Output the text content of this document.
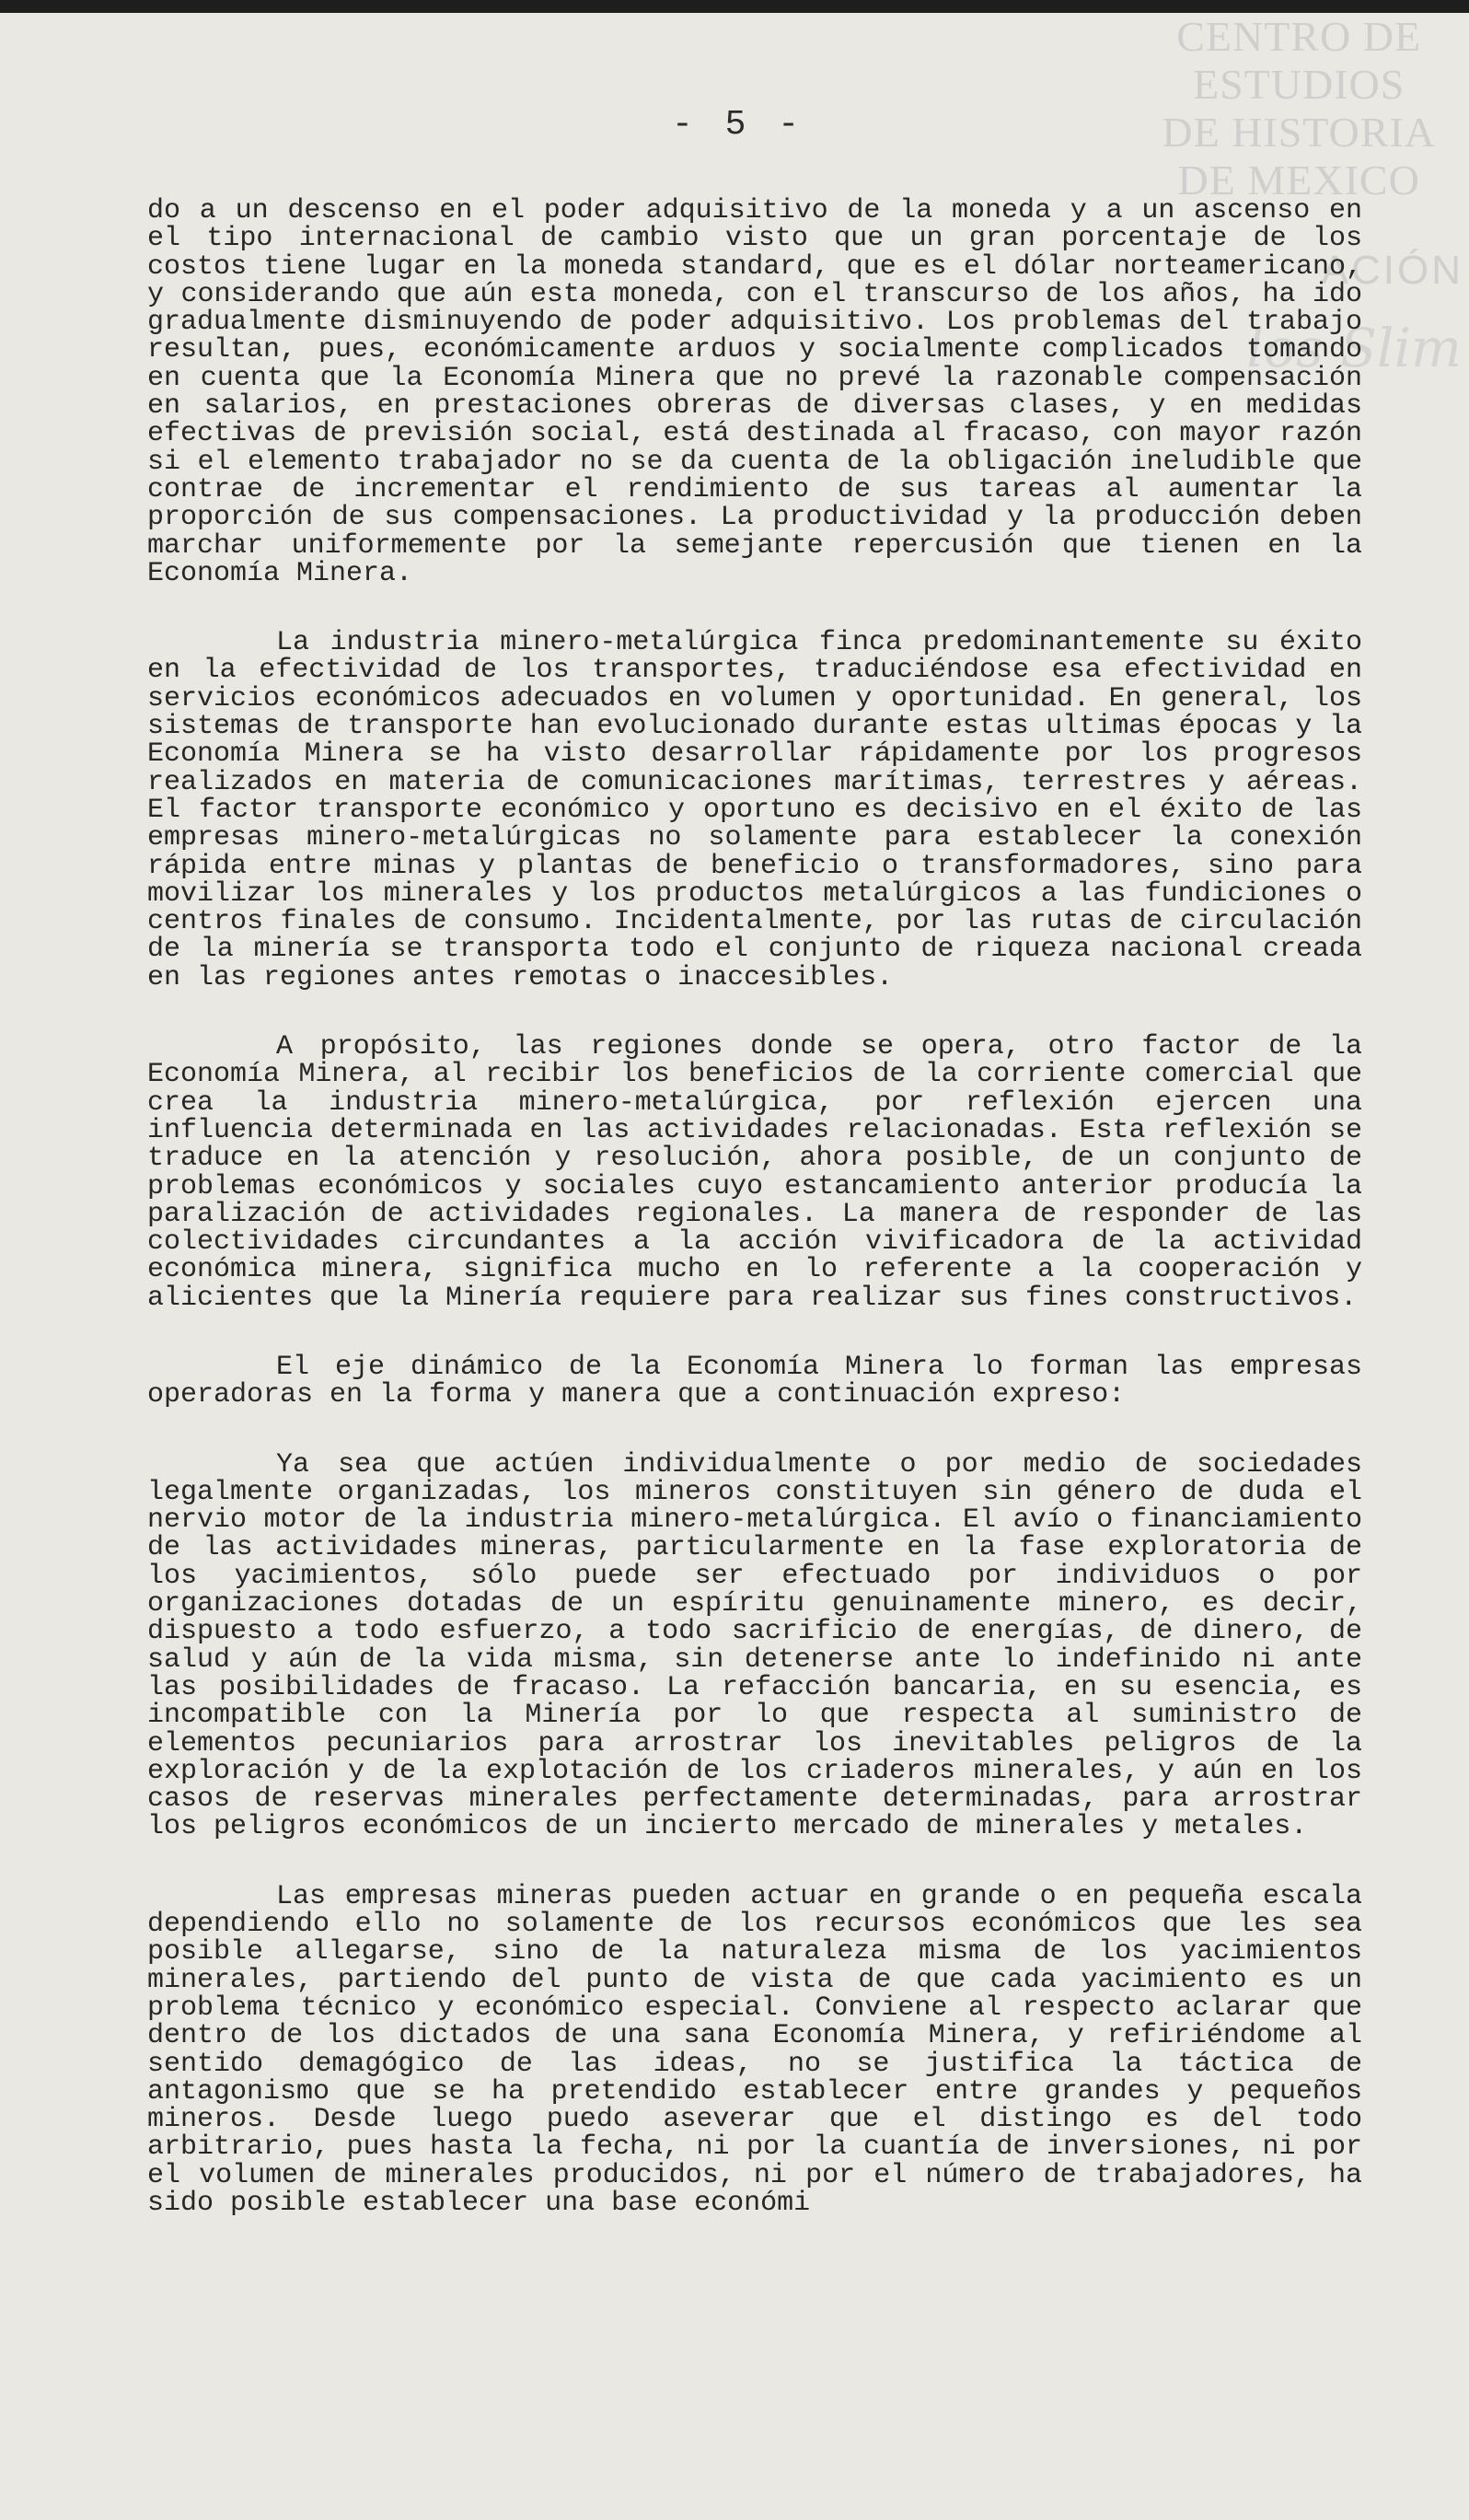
CENTRO DE
ESTUDIOS
DE HISTORIA
DE MEXICO
ACIÓN
los Slim
- 5 -

do a un descenso en el poder adquisitivo de la moneda y a un ascenso en el tipo internacional de cambio visto que un gran porcentaje de los costos tiene lugar en la moneda standard, que es el dólar norteamericano, y considerando que aún esta moneda, con el transcurso de los años, ha ido gradualmente disminuyendo de poder adquisitivo. Los problemas del trabajo resultan, pues, económicamente arduos y socialmente complicados tomando en cuenta que la Economía Minera que no prevé la razonable compensación en salarios, en prestaciones obreras de diversas clases, y en medidas efectivas de previsión social, está destinada al fracaso, con mayor razón si el elemento trabajador no se da cuenta de la obligación ineludible que contrae de incrementar el rendimiento de sus tareas al aumentar la proporción de sus compensaciones. La productividad y la producción deben marchar uniformemente por la semejante repercusión que tienen en la Economía Minera.

La industria minero-metalúrgica finca predominantemente su éxito en la efectividad de los transportes, traduciéndose esa efectividad en servicios económicos adecuados en volumen y oportunidad. En general, los sistemas de transporte han evolucionado durante estas ultimas épocas y la Economía Minera se ha visto desarrollar rápidamente por los progresos realizados en materia de comunicaciones marítimas, terrestres y aéreas. El factor transporte económico y oportuno es decisivo en el éxito de las empresas minero-metalúrgicas no solamente para establecer la conexión rápida entre minas y plantas de beneficio o transformadores, sino para movilizar los minerales y los productos metalúrgicos a las fundiciones o centros finales de consumo. Incidentalmente, por las rutas de circulación de la minería se transporta todo el conjunto de riqueza nacional creada en las regiones antes remotas o inaccesibles.

A propósito, las regiones donde se opera, otro factor de la Economía Minera, al recibir los beneficios de la corriente comercial que crea la industria minero-metalúrgica, por reflexión ejercen una influencia determinada en las actividades relacionadas. Esta reflexión se traduce en la atención y resolución, ahora posible, de un conjunto de problemas económicos y sociales cuyo estancamiento anterior producía la paralización de actividades regionales. La manera de responder de las colectividades circundantes a la acción vivificadora de la actividad económica minera, significa mucho en lo referente a la cooperación y alicientes que la Minería requiere para realizar sus fines constructivos.

El eje dinámico de la Economía Minera lo forman las empresas operadoras en la forma y manera que a continuación expreso:

Ya sea que actúen individualmente o por medio de sociedades legalmente organizadas, los mineros constituyen sin género de duda el nervio motor de la industria minero-metalúrgica. El avío o financiamiento de las actividades mineras, particularmente en la fase exploratoria de los yacimientos, sólo puede ser efectuado por individuos o por organizaciones dotadas de un espíritu genuinamente minero, es decir, dispuesto a todo esfuerzo, a todo sacrificio de energías, de dinero, de salud y aún de la vida misma, sin detenerse ante lo indefinido ni ante las posibilidades de fracaso. La refacción bancaria, en su esencia, es incompatible con la Minería por lo que respecta al suministro de elementos pecuniarios para arrostrar los inevitables peligros de la exploración y de la explotación de los criaderos minerales, y aún en los casos de reservas minerales perfectamente determinadas, para arrostrar los peligros económicos de un incierto mercado de minerales y metales.

Las empresas mineras pueden actuar en grande o en pequeña escala dependiendo ello no solamente de los recursos económicos que les sea posible allegarse, sino de la naturaleza misma de los yacimientos minerales, partiendo del punto de vista de que cada yacimiento es un problema técnico y económico especial. Conviene al respecto aclarar que dentro de los dictados de una sana Economía Minera, y refiriéndome al sentido demagógico de las ideas, no se justifica la táctica de antagonismo que se ha pretendido establecer entre grandes y pequeños mineros. Desde luego puedo aseverar que el distingo es del todo arbitrario, pues hasta la fecha, ni por la cuantía de inversiones, ni por el volumen de minerales producidos, ni por el número de trabajadores, ha sido posible establecer una base económi
